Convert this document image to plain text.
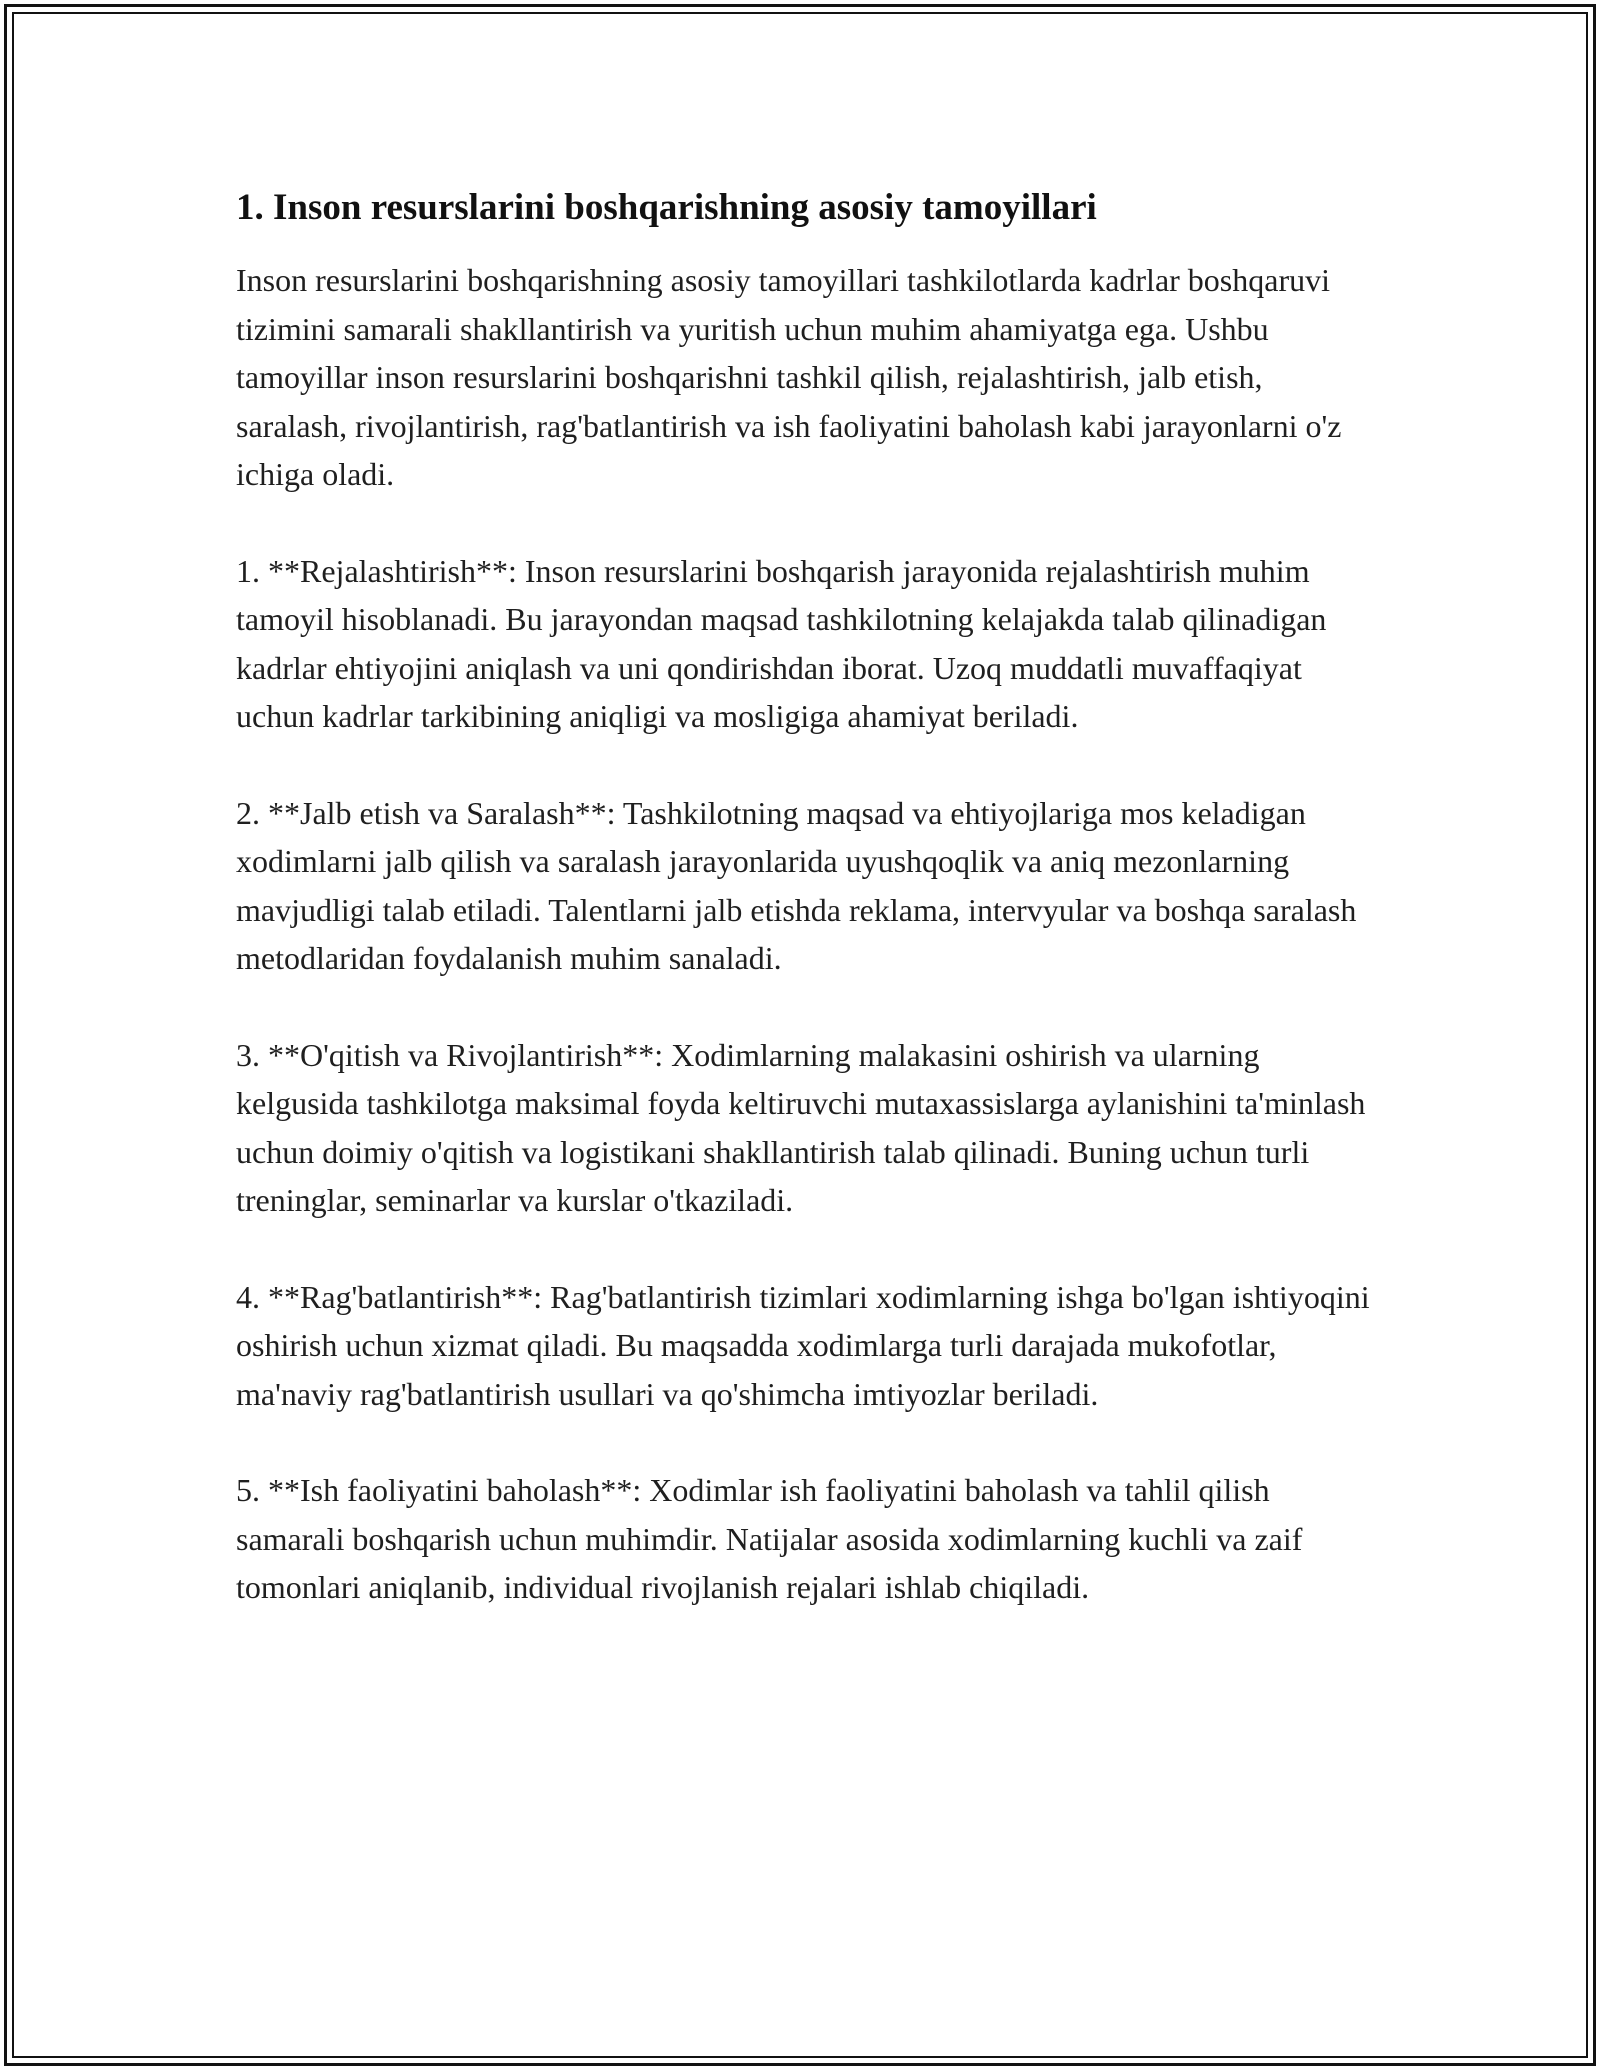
1. Inson resurslarini boshqarishning asosiy tamoyillari

Inson resurslarini boshqarishning asosiy tamoyillari tashkilotlarda kadrlar boshqaruvi tizimini samarali shakllantirish va yuritish uchun muhim ahamiyatga ega. Ushbu tamoyillar inson resurslarini boshqarishni tashkil qilish, rejalashtirish, jalb etish, saralash, rivojlantirish, rag'batlantirish va ish faoliyatini baholash kabi jarayonlarni o'z ichiga oladi.

1. **Rejalashtirish**: Inson resurslarini boshqarish jarayonida rejalashtirish muhim tamoyil hisoblanadi. Bu jarayondan maqsad tashkilotning kelajakda talab qilinadigan kadrlar ehtiyojini aniqlash va uni qondirishdan iborat. Uzoq muddatli muvaffaqiyat uchun kadrlar tarkibining aniqligi va mosligiga ahamiyat beriladi.

2. **Jalb etish va Saralash**: Tashkilotning maqsad va ehtiyojlariga mos keladigan xodimlarni jalb qilish va saralash jarayonlarida uyushqoqlik va aniq mezonlarning mavjudligi talab etiladi. Talentlarni jalb etishda reklama, intervyular va boshqa saralash metodlaridan foydalanish muhim sanaladi.

3. **O'qitish va Rivojlantirish**: Xodimlarning malakasini oshirish va ularning kelgusida tashkilotga maksimal foyda keltiruvchi mutaxassislarga aylanishini ta'minlash uchun doimiy o'qitish va logistikani shakllantirish talab qilinadi. Buning uchun turli treninglar, seminarlar va kurslar o'tkaziladi.

4. **Rag'batlantirish**: Rag'batlantirish tizimlari xodimlarning ishga bo'lgan ishtiyoqini oshirish uchun xizmat qiladi. Bu maqsadda xodimlarga turli darajada mukofotlar, ma'naviy rag'batlantirish usullari va qo'shimcha imtiyozlar beriladi.

5. **Ish faoliyatini baholash**: Xodimlar ish faoliyatini baholash va tahlil qilish samarali boshqarish uchun muhimdir. Natijalar asosida xodimlarning kuchli va zaif tomonlari aniqlanib, individual rivojlanish rejalari ishlab chiqiladi.
